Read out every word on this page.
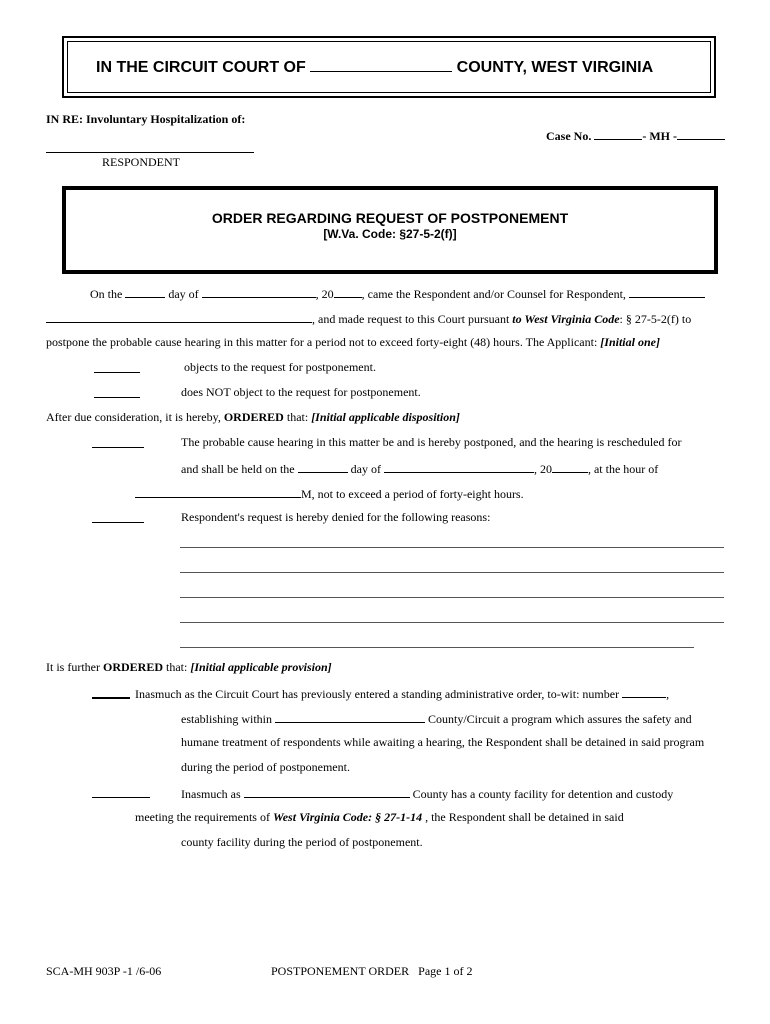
IN THE CIRCUIT COURT OF	COUNTY, WEST VIRGINIA
IN RE: Involuntary Hospitalization of:
Case No.	- MH -
RESPONDENT
ORDER REGARDING REQUEST OF POSTPONEMENT
[W.Va. Code: §27-5-2(f)]
On the	day of	, 20 , came the Respondent and/or Counsel for Respondent,
, and made request to this Court pursuant to West Virginia Code: § 27-5-2(f) to
postpone the probable cause hearing in this matter for a period not to exceed forty-eight (48) hours. The Applicant: [Initial one]
objects to the request for postponement.
does NOT object to the request for postponement.
After due consideration, it is hereby, ORDERED that: [Initial applicable disposition]
The probable cause hearing in this matter be and is hereby postponed, and the hearing is rescheduled for
and shall be held on the	day of	, 20	, at the hour of
M, not to exceed a period of forty-eight hours.
Respondent's request is hereby denied for the following reasons:
It is further ORDERED that: [Initial applicable provision]
Inasmuch as the Circuit Court has previously entered a standing administrative order, to-wit: number	,
establishing within	County/Circuit a program which assures the safety and
humane treatment of respondents while awaiting a hearing, the Respondent shall be detained in said program
during the period of postponement.
Inasmuch as	County has a county facility for detention and custody
meeting the requirements of West Virginia Code: § 27-1-14 , the Respondent shall be detained in said
county facility during the period of postponement.
SCA-MH 903P -1 /6-06	POSTPONEMENT ORDER Page 1 of 2
